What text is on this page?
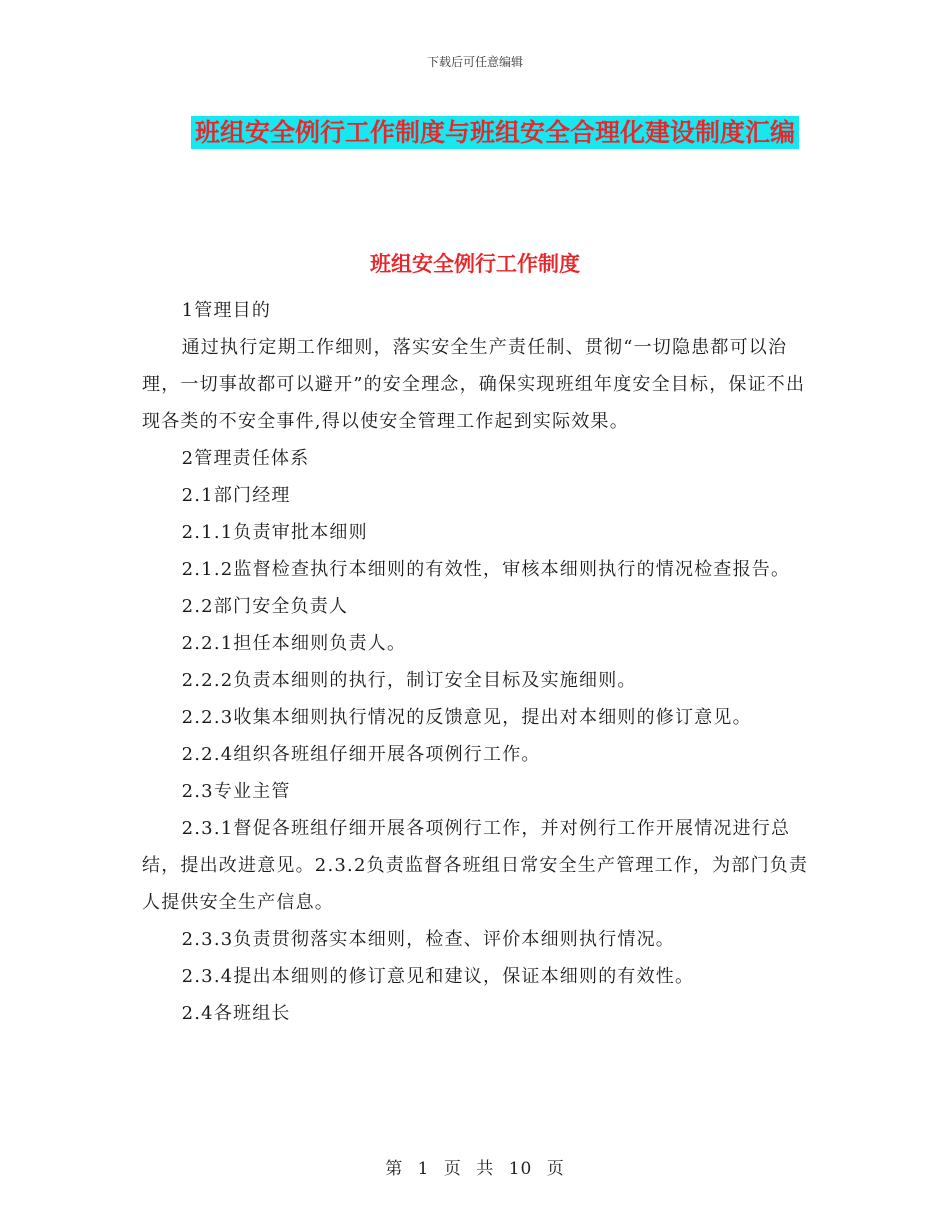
下载后可任意编辑
班组安全例行工作制度与班组安全合理化建设制度汇编
班组安全例行工作制度

1管理目的

通过执行定期工作细则，落实安全生产责任制、贯彻“一切隐患都可以治理，一切事故都可以避开”的安全理念，确保实现班组年度安全目标，保证不出现各类的不安全事件,得以使安全管理工作起到实际效果。

2管理责任体系

2.1部门经理

2.1.1负责审批本细则

2.1.2监督检查执行本细则的有效性，审核本细则执行的情况检查报告。

2.2部门安全负责人

2.2.1担任本细则负责人。

2.2.2负责本细则的执行，制订安全目标及实施细则。

2.2.3收集本细则执行情况的反馈意见，提出对本细则的修订意见。

2.2.4组织各班组仔细开展各项例行工作。

2.3专业主管

2.3.1督促各班组仔细开展各项例行工作，并对例行工作开展情况进行总结，提出改进意见。2.3.2负责监督各班组日常安全生产管理工作，为部门负责人提供安全生产信息。

2.3.3负责贯彻落实本细则，检查、评价本细则执行情况。

2.3.4提出本细则的修订意见和建议，保证本细则的有效性。

2.4各班组长

第 1 页 共 10 页
